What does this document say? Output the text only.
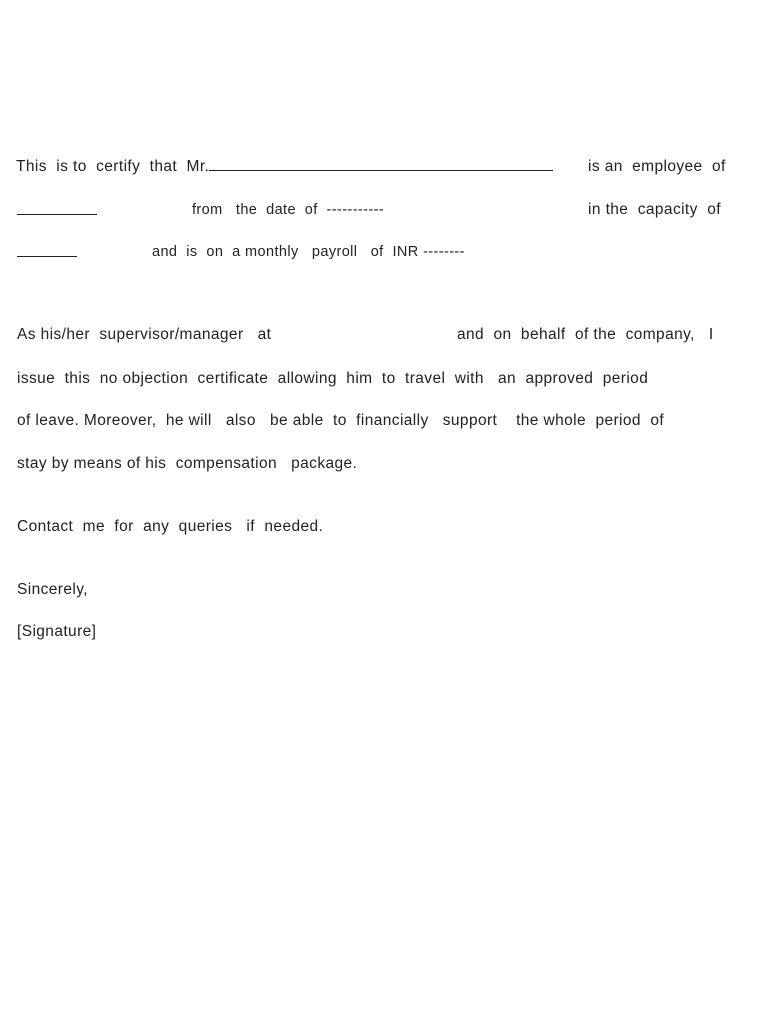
This  is to  certify  that  Mr.	is an  employee  of
from   the  date  of  -----------	in the  capacity  of
and  is  on  a monthly   payroll   of  INR --------
As his/her  supervisor/manager   at	and  on  behalf  of the  company,   I
issue  this  no objection  certificate  allowing  him  to  travel  with   an  approved  period
of leave. Moreover,  he will   also   be able  to  financially   support    the whole  period  of
stay by means of his  compensation   package.
Contact  me  for  any  queries   if  needed.
Sincerely,
[Signature]
